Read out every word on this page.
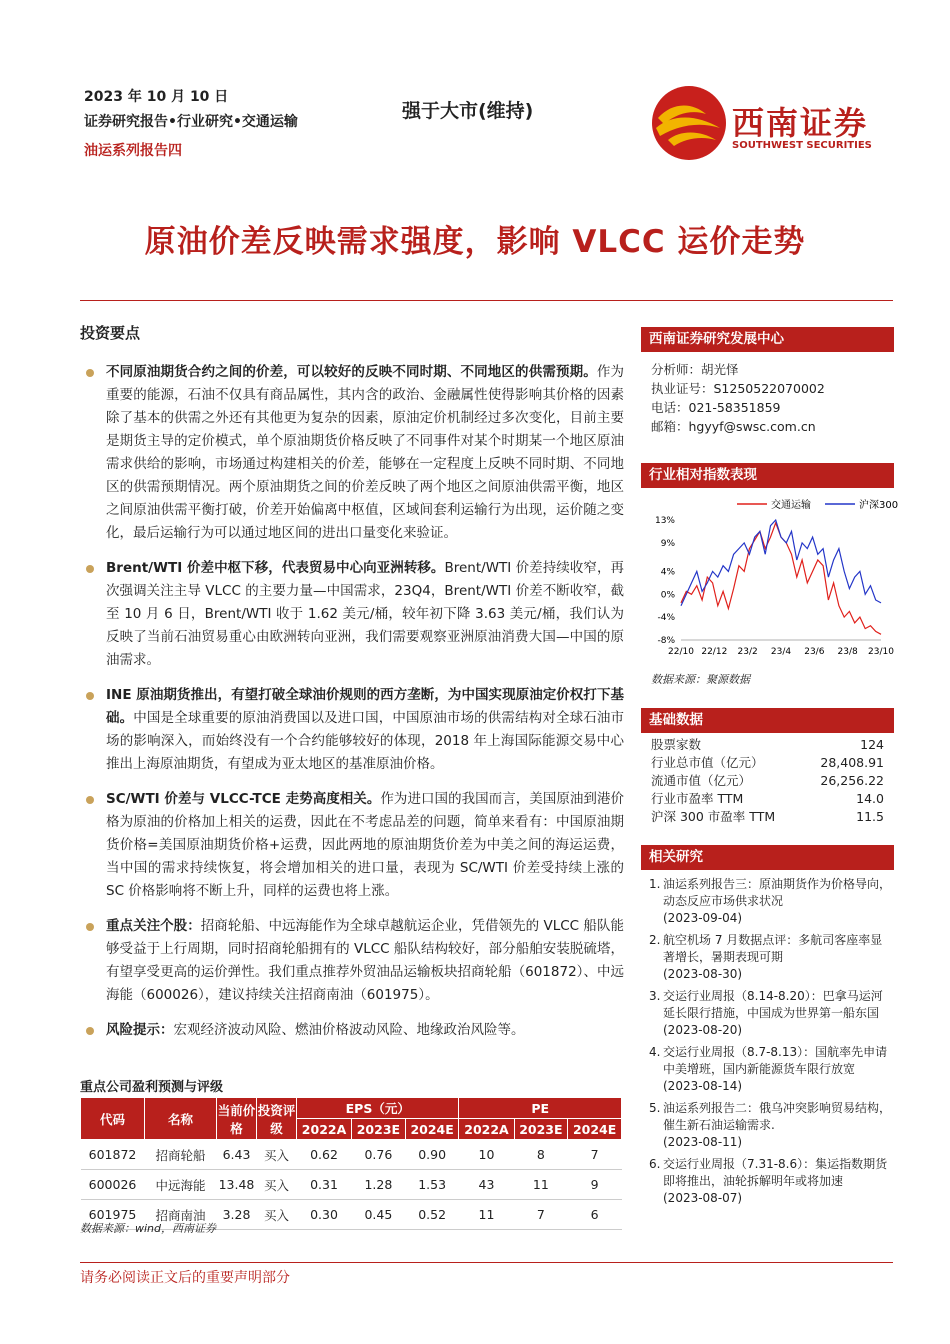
2023 年 10 月 10 日
证券研究报告•行业研究•交通运输
油运系列报告四
强于大市(维持)	西南证券
SOUTHWEST SECURITIES
原油价差反映需求强度，影响 VLCC 运价走势
投资要点
不同原油期货合约之间的价差，可以较好的反映不同时期、不同地区的供需预期。作为重要的能源，石油不仅具有商品属性，其内含的政治、金融属性使得影响其价格的因素除了基本的供需之外还有其他更为复杂的因素，原油定价机制经过多次变化，目前主要是期货主导的定价模式，单个原油期货价格反映了不同事件对某个时期某一个地区原油需求供给的影响，市场通过构建相关的价差，能够在一定程度上反映不同时期、不同地区的供需预期情况。两个原油期货之间的价差反映了两个地区之间原油供需平衡，地区之间原油供需平衡打破，价差开始偏离中枢值，区域间套利运输行为出现，运价随之变化，最后运输行为可以通过地区间的进出口量变化来验证。
Brent/WTI 价差中枢下移，代表贸易中心向亚洲转移。Brent/WTI 价差持续收窄，再次强调关注主导 VLCC 的主要力量—中国需求，23Q4，Brent/WTI 价差不断收窄，截至 10 月 6 日，Brent/WTI 收于 1.62 美元/桶，较年初下降 3.63 美元/桶，我们认为反映了当前石油贸易重心由欧洲转向亚洲，我们需要观察亚洲原油消费大国—中国的原油需求。
INE 原油期货推出，有望打破全球油价规则的西方垄断，为中国实现原油定价权打下基础。中国是全球重要的原油消费国以及进口国，中国原油市场的供需结构对全球石油市场的影响深入，而始终没有一个合约能够较好的体现，2018 年上海国际能源交易中心推出上海原油期货，有望成为亚太地区的基准原油价格。
SC/WTI 价差与 VLCC-TCE 走势高度相关。作为进口国的我国而言，美国原油到港价格为原油的价格加上相关的运费，因此在不考虑品差的问题，简单来看有：中国原油期货价格=美国原油期货价格+运费，因此两地的原油期货价差为中美之间的海运运费，当中国的需求持续恢复，将会增加相关的进口量，表现为 SC/WTI 价差受持续上涨的 SC 价格影响将不断上升，同样的运费也将上涨。
重点关注个股：招商轮船、中远海能作为全球卓越航运企业，凭借领先的 VLCC 船队能够受益于上行周期，同时招商轮船拥有的 VLCC 船队结构较好，部分船舶安装脱硫塔，有望享受更高的运价弹性。我们重点推荐外贸油品运输板块招商轮船（601872）、中远海能（600026），建议持续关注招商南油（601975）。
风险提示：宏观经济波动风险、燃油价格波动风险、地缘政治风险等。
重点公司盈利预测与评级
代码	名称	当前价格	投资评级	EPS（元）			PE		
				2022A	2023E	2024E	2022A	2023E	2024E
601872	招商轮船	6.43	买入	0.62	0.76	0.90	10	8	7
600026	中远海能	13.48	买入	0.31	1.28	1.53	43	11	9
601975	招商南油	3.28	买入	0.30	0.45	0.52	11	7	6
数据来源：wind，西南证券
西南证券研究发展中心
分析师：胡光怿
执业证号：S1250522070002
电话：021-58351859
邮箱：hgyyf@swsc.com.cn
行业相对指数表现
交通运输	沪深300
13%
9%
4%
0%
-4%
-8%
22/10 22/12 23/2 23/4 23/6 23/8 23/10
数据来源：聚源数据
基础数据
股票家数	124
行业总市值（亿元）	28,408.91
流通市值（亿元）	26,256.22
行业市盈率 TTM	14.0
沪深 300 市盈率 TTM	11.5
相关研究
1. 油运系列报告三：原油期货作为价格导向，动态反应市场供求状况
(2023-09-04)
2. 航空机场 7 月数据点评：多航司客座率显著增长，暑期表现可期
(2023-08-30)
3. 交运行业周报（8.14-8.20）：巴拿马运河延长限行措施，中国成为世界第一船东国
(2023-08-20)
4. 交运行业周报（8.7-8.13）：国航率先申请中美增班，国内新能源货车限行放宽
(2023-08-14)
5. 油运系列报告二：俄乌冲突影响贸易结构，催生新石油运输需求.
(2023-08-11)
6. 交运行业周报（7.31-8.6）：集运指数期货即将推出，油轮拆解明年或将加速
(2023-08-07)
请务必阅读正文后的重要声明部分
